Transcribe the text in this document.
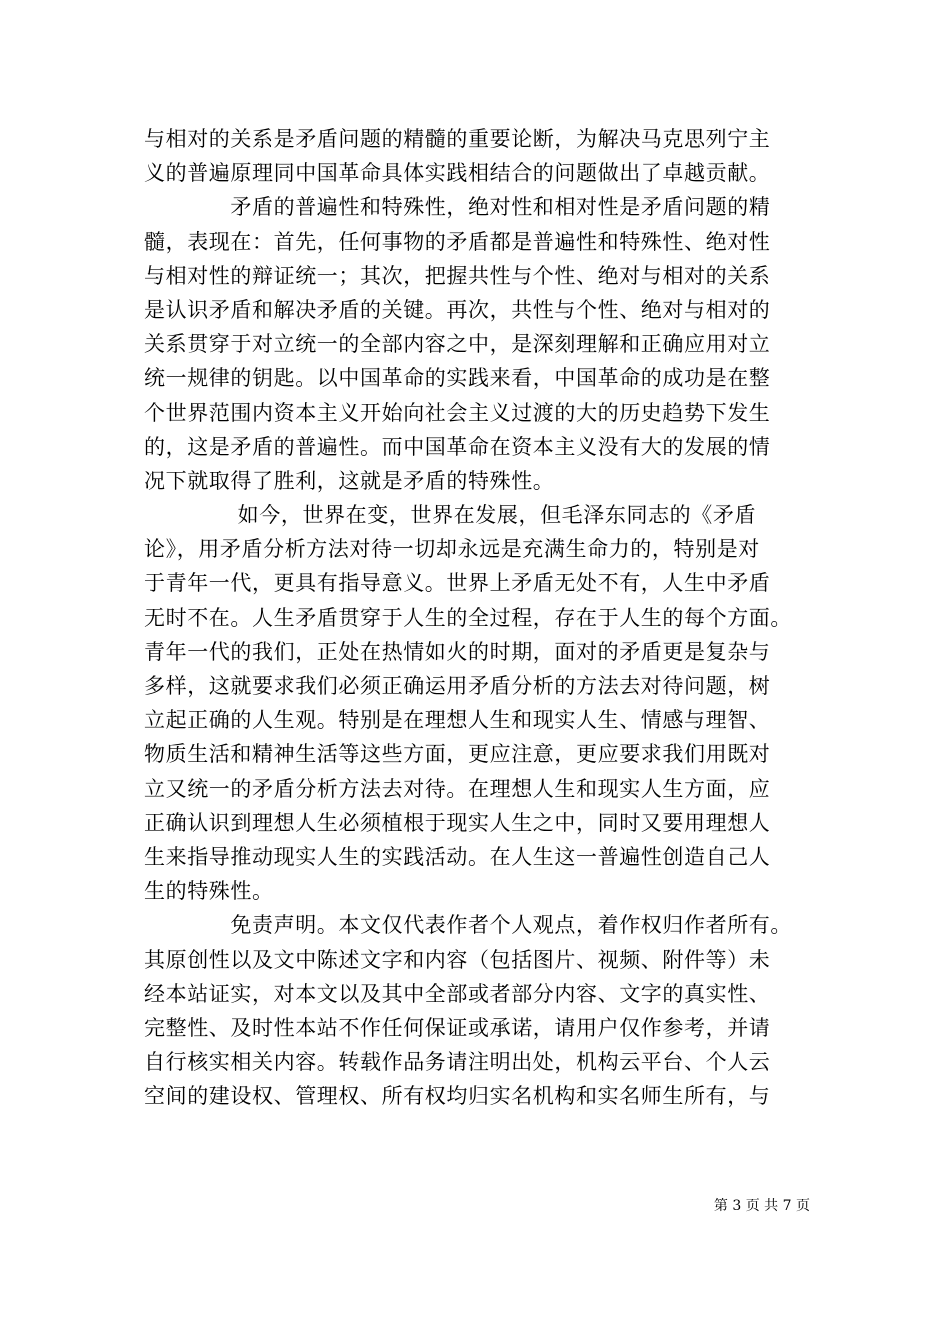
与相对的关系是矛盾问题的精髓的重要论断，为解决马克思列宁主
义的普遍原理同中国革命具体实践相结合的问题做出了卓越贡献。
　　　　矛盾的普遍性和特殊性，绝对性和相对性是矛盾问题的精
髓，表现在：首先，任何事物的矛盾都是普遍性和特殊性、绝对性
与相对性的辩证统一；其次，把握共性与个性、绝对与相对的关系
是认识矛盾和解决矛盾的关键。再次，共性与个性、绝对与相对的
关系贯穿于对立统一的全部内容之中，是深刻理解和正确应用对立
统一规律的钥匙。以中国革命的实践来看，中国革命的成功是在整
个世界范围内资本主义开始向社会主义过渡的大的历史趋势下发生
的，这是矛盾的普遍性。而中国革命在资本主义没有大的发展的情
况下就取得了胜利，这就是矛盾的特殊性。
　　　　 如今，世界在变，世界在发展，但毛泽东同志的《矛盾
论》，用矛盾分析方法对待一切却永远是充满生命力的，特别是对
于青年一代，更具有指导意义。世界上矛盾无处不有，人生中矛盾
无时不在。人生矛盾贯穿于人生的全过程，存在于人生的每个方面。
青年一代的我们，正处在热情如火的时期，面对的矛盾更是复杂与
多样，这就要求我们必须正确运用矛盾分析的方法去对待问题，树
立起正确的人生观。特别是在理想人生和现实人生、情感与理智、
物质生活和精神生活等这些方面，更应注意，更应要求我们用既对
立又统一的矛盾分析方法去对待。在理想人生和现实人生方面，应
正确认识到理想人生必须植根于现实人生之中，同时又要用理想人
生来指导推动现实人生的实践活动。在人生这一普遍性创造自己人
生的特殊性。
　　　　免责声明。本文仅代表作者个人观点，着作权归作者所有。
其原创性以及文中陈述文字和内容（包括图片、视频、附件等）未
经本站证实，对本文以及其中全部或者部分内容、文字的真实性、
完整性、及时性本站不作任何保证或承诺，请用户仅作参考，并请
自行核实相关内容。转载作品务请注明出处，机构云平台、个人云
空间的建设权、管理权、所有权均归实名机构和实名师生所有，与
第 3 页 共 7 页
